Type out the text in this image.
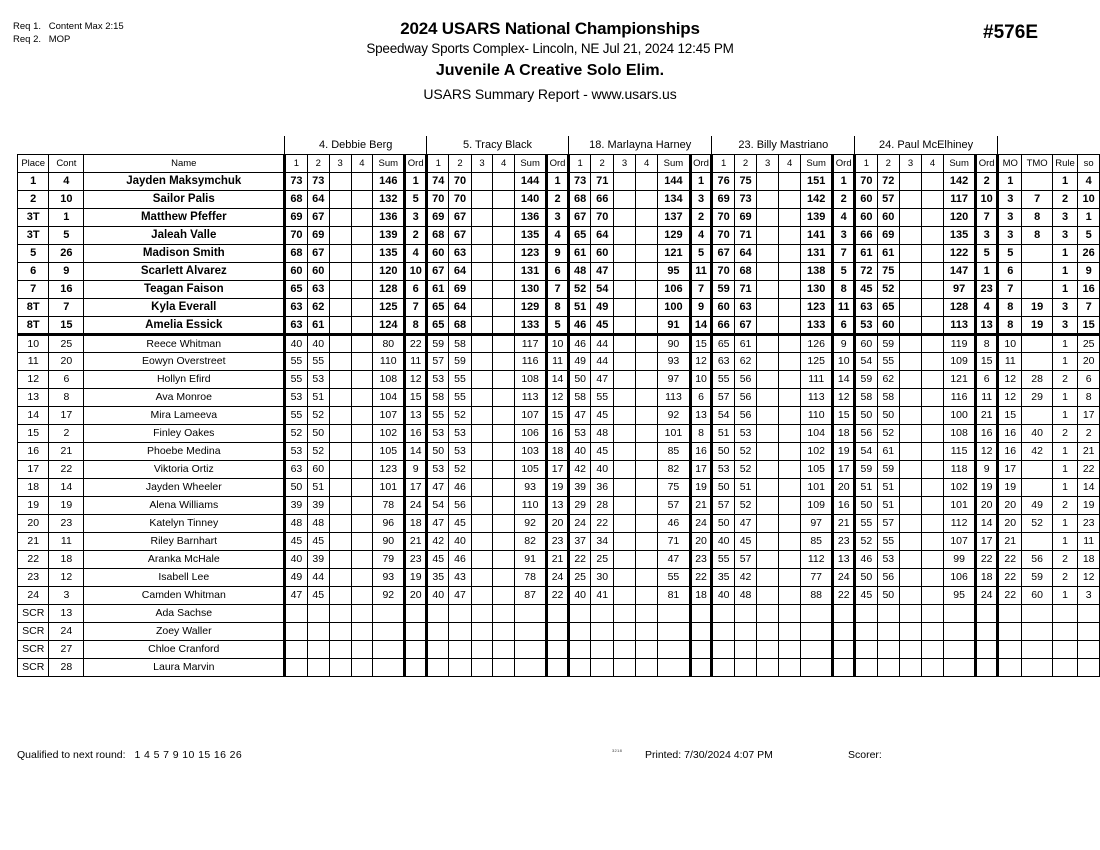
Req 1. Content Max 2:15
Req 2. MOP
2024 USARS National Championships
Speedway Sports Complex- Lincoln, NE Jul 21, 2024 12:45 PM
Juvenile A Creative Solo Elim.
USARS Summary Report - www.usars.us
#576E
			4. Debbie Berg						5. Tracy Black						18. Marlayna Harney						23. Billy Mastriano						24. Paul McElhiney									
Place	Cont	Name	1	2	3	4	Sum	Ord	1	2	3	4	Sum	Ord	1	2	3	4	Sum	Ord	1	2	3	4	Sum	Ord	1	2	3	4	Sum	Ord	MO	TMO	Rule	so
1	4	Jayden Maksymchuk	73	73			146	1	74	70			144	1	73	71			144	1	76	75			151	1	70	72			142	2	1		1	4
2	10	Sailor Palis	68	64			132	5	70	70			140	2	68	66			134	3	69	73			142	2	60	57			117	10	3	7	2	10
3T	1	Matthew Pfeffer	69	67			136	3	69	67			136	3	67	70			137	2	70	69			139	4	60	60			120	7	3	8	3	1
3T	5	Jaleah Valle	70	69			139	2	68	67			135	4	65	64			129	4	70	71			141	3	66	69			135	3	3	8	3	5
5	26	Madison Smith	68	67			135	4	60	63			123	9	61	60			121	5	67	64			131	7	61	61			122	5	5		1	26
6	9	Scarlett Alvarez	60	60			120	10	67	64			131	6	48	47			95	11	70	68			138	5	72	75			147	1	6		1	9
7	16	Teagan Faison	65	63			128	6	61	69			130	7	52	54			106	7	59	71			130	8	45	52			97	23	7		1	16
8T	7	Kyla Everall	63	62			125	7	65	64			129	8	51	49			100	9	60	63			123	11	63	65			128	4	8	19	3	7
8T	15	Amelia Essick	63	61			124	8	65	68			133	5	46	45			91	14	66	67			133	6	53	60			113	13	8	19	3	15
10	25	Reece Whitman	40	40			80	22	59	58			117	10	46	44			90	15	65	61			126	9	60	59			119	8	10		1	25
11	20	Eowyn Overstreet	55	55			110	11	57	59			116	11	49	44			93	12	63	62			125	10	54	55			109	15	11		1	20
12	6	Hollyn Efird	55	53			108	12	53	55			108	14	50	47			97	10	55	56			111	14	59	62			121	6	12	28	2	6
13	8	Ava Monroe	53	51			104	15	58	55			113	12	58	55			113	6	57	56			113	12	58	58			116	11	12	29	1	8
14	17	Mira Lameeva	55	52			107	13	55	52			107	15	47	45			92	13	54	56			110	15	50	50			100	21	15		1	17
15	2	Finley Oakes	52	50			102	16	53	53			106	16	53	48			101	8	51	53			104	18	56	52			108	16	16	40	2	2
16	21	Phoebe Medina	53	52			105	14	50	53			103	18	40	45			85	16	50	52			102	19	54	61			115	12	16	42	1	21
17	22	Viktoria Ortiz	63	60			123	9	53	52			105	17	42	40			82	17	53	52			105	17	59	59			118	9	17		1	22
18	14	Jayden Wheeler	50	51			101	17	47	46			93	19	39	36			75	19	50	51			101	20	51	51			102	19	19		1	14
19	19	Alena Williams	39	39			78	24	54	56			110	13	29	28			57	21	57	52			109	16	50	51			101	20	20	49	2	19
20	23	Katelyn Tinney	48	48			96	18	47	45			92	20	24	22			46	24	50	47			97	21	55	57			112	14	20	52	1	23
21	11	Riley Barnhart	45	45			90	21	42	40			82	23	37	34			71	20	40	45			85	23	52	55			107	17	21		1	11
22	18	Aranka McHale	40	39			79	23	45	46			91	21	22	25			47	23	55	57			112	13	46	53			99	22	22	56	2	18
23	12	Isabell Lee	49	44			93	19	35	43			78	24	25	30			55	22	35	42			77	24	50	56			106	18	22	59	2	12
24	3	Camden Whitman	47	45			92	20	40	47			87	22	40	41			81	18	40	48			88	22	45	50			95	24	22	60	1	3
SCR	13	Ada Sachse																																		
SCR	24	Zoey Waller																																		
SCR	27	Chloe Cranford																																		
SCR	28	Laura Marvin																																		
Qualified to next round: 1 4 5 7 9 10 15 16 26	3218 Printed: 7/30/2024 4:07 PM	Scorer:
